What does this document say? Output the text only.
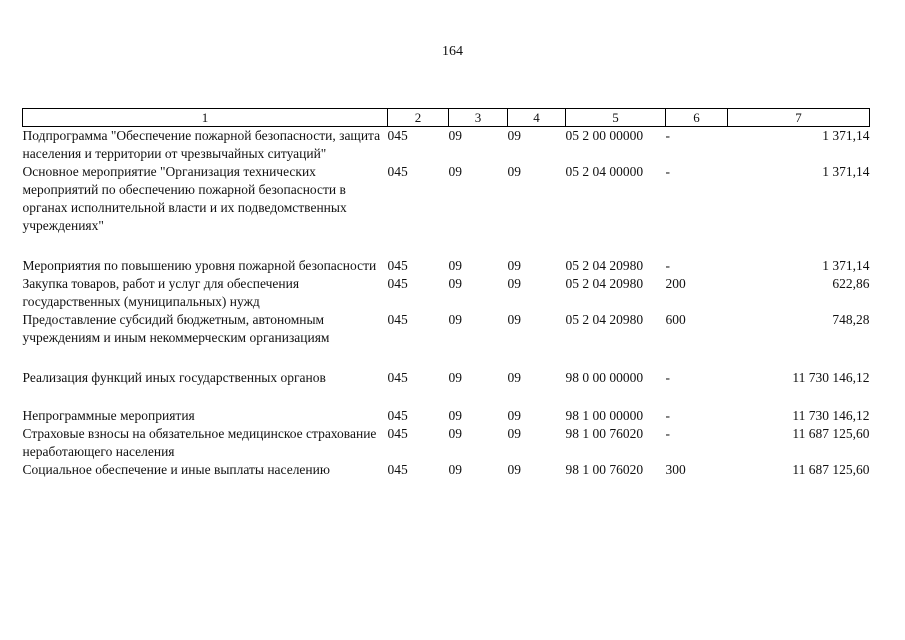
164
1	2	3	4	5	6	7
Подпрограмма "Обеспечение пожарной безопасности, защита населения и территории от чрезвычайных ситуаций"	045	09	09	05 2 00 00000	-	1 371,14
Основное мероприятие "Организация технических мероприятий по обеспечению пожарной безопасности в органах исполнительной власти и их подведомственных учреждениях"	045	09	09	05 2 04 00000	-	1 371,14
Мероприятия по повышению уровня пожарной безопасности	045	09	09	05 2 04 20980	-	1 371,14
Закупка товаров, работ и услуг для обеспечения государственных (муниципальных) нужд	045	09	09	05 2 04 20980	200	622,86
Предоставление субсидий бюджетным, автономным учреждениям и иным некоммерческим организациям	045	09	09	05 2 04 20980	600	748,28
Реализация функций иных государственных органов	045	09	09	98 0 00 00000	-	11 730 146,12
Непрограммные мероприятия	045	09	09	98 1 00 00000	-	11 730 146,12
Страховые взносы на обязательное медицинское страхование неработающего населения	045	09	09	98 1 00 76020	-	11 687 125,60
Социальное обеспечение и иные выплаты населению	045	09	09	98 1 00 76020	300	11 687 125,60
